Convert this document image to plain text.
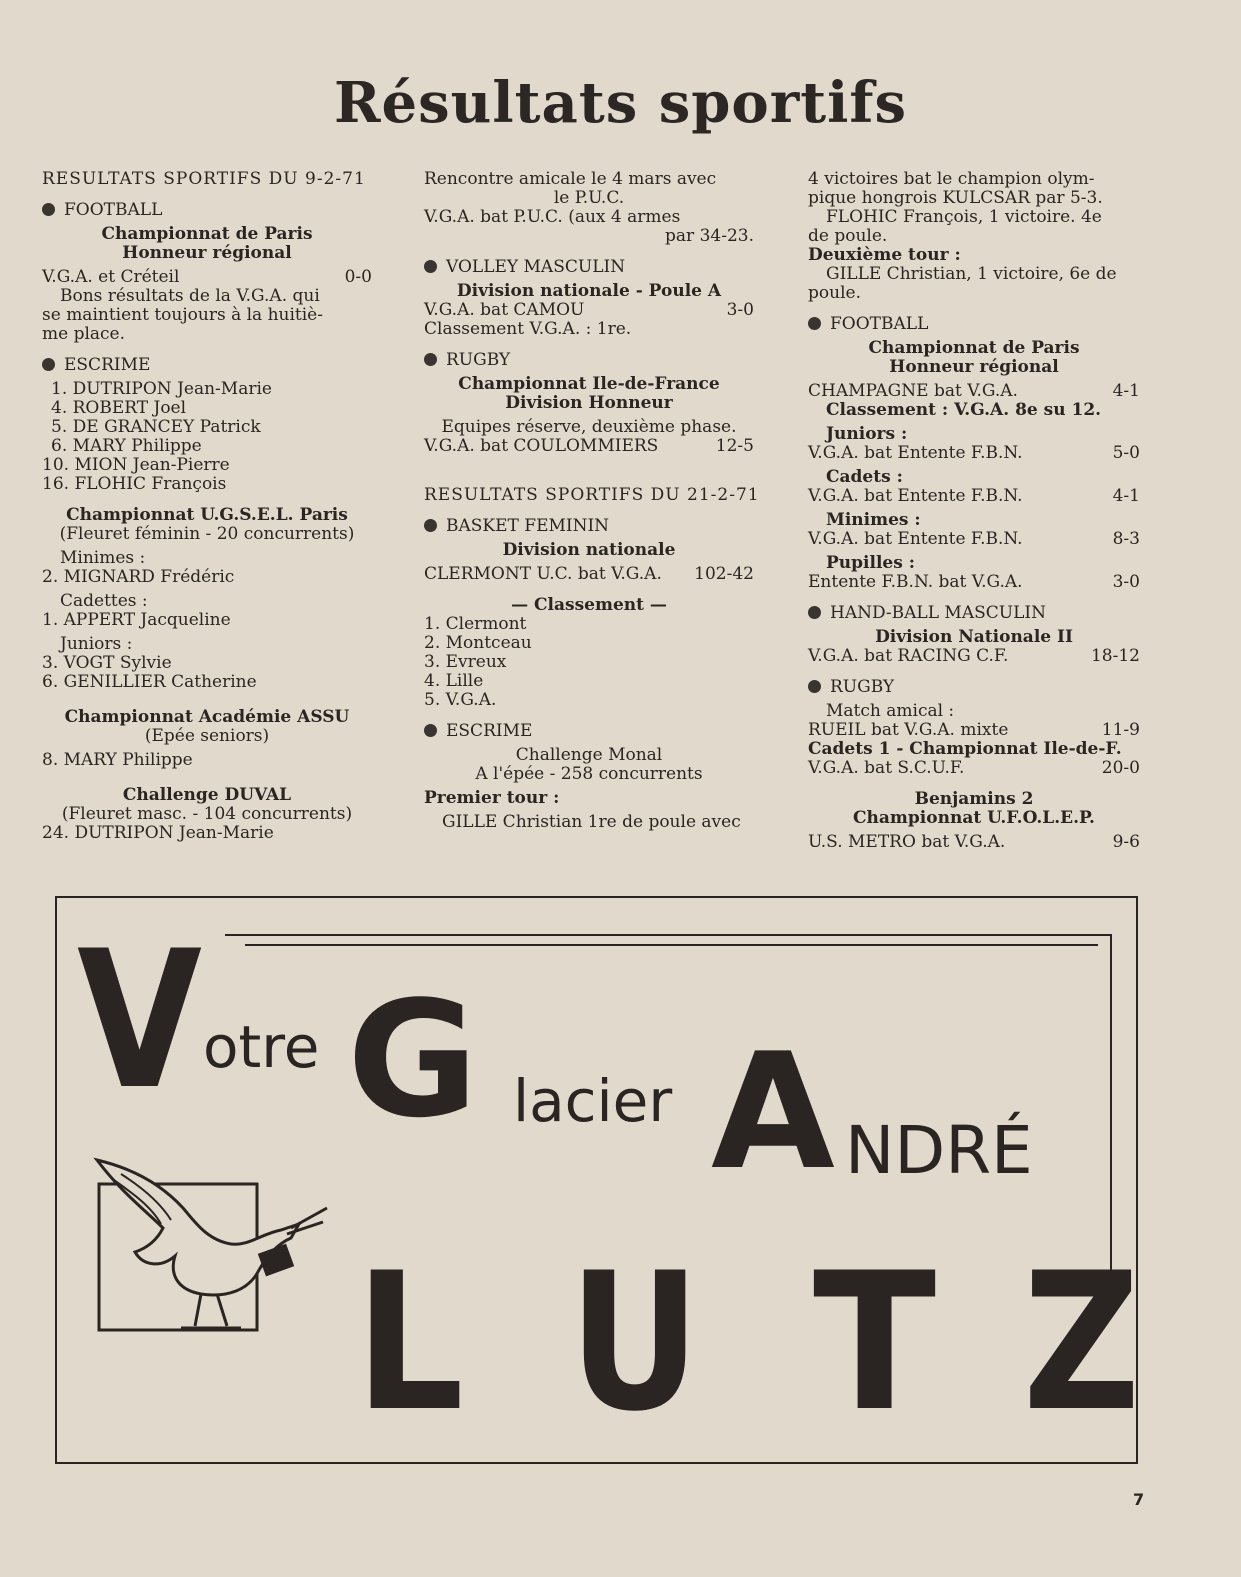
Résultats sportifs
RESULTATS SPORTIFS DU 9-2-71
FOOTBALL
Championnat de Paris
Honneur régional
V.G.A. et Créteil	0-0
Bons résultats de la V.G.A. qui
se maintient toujours à la huitiè-
me place.
ESCRIME
1. DUTRIPON Jean-Marie
4. ROBERT Joel
5. DE GRANCEY Patrick
6. MARY Philippe
10. MION Jean-Pierre
16. FLOHIC François
Championnat U.G.S.E.L. Paris
(Fleuret féminin - 20 concurrents)
Minimes :
2. MIGNARD Frédéric
Cadettes :
1. APPERT Jacqueline
Juniors :
3. VOGT Sylvie
6. GENILLIER Catherine
Championnat Académie ASSU
(Epée seniors)
8. MARY Philippe
Challenge DUVAL
(Fleuret masc. - 104 concurrents)
24. DUTRIPON Jean-Marie
Rencontre amicale le 4 mars avec
le P.U.C.
V.G.A. bat P.U.C. (aux 4 armes
par 34-23.
VOLLEY MASCULIN
Division nationale - Poule A
V.G.A. bat CAMOU	3-0
Classement V.G.A. : 1re.
RUGBY
Championnat Ile-de-France
Division Honneur
Equipes réserve, deuxième phase.
V.G.A. bat COULOMMIERS	12-5
RESULTATS SPORTIFS DU 21-2-71
BASKET FEMININ
Division nationale
CLERMONT U.C. bat V.G.A. 102-42
— Classement —
1. Clermont
2. Montceau
3. Evreux
4. Lille
5. V.G.A.
ESCRIME
Challenge Monal
A l'épée - 258 concurrents
Premier tour :
GILLE Christian 1re de poule avec
4 victoires bat le champion olym-
pique hongrois KULCSAR par 5-3.
FLOHIC François, 1 victoire. 4e
de poule.
Deuxième tour :
GILLE Christian, 1 victoire, 6e de
poule.
FOOTBALL
Championnat de Paris
Honneur régional
CHAMPAGNE bat V.G.A.	4-1
Classement : V.G.A. 8e su 12.
Juniors :
V.G.A. bat Entente F.B.N.	5-0
Cadets :
V.G.A. bat Entente F.B.N.	4-1
Minimes :
V.G.A. bat Entente F.B.N.	8-3
Pupilles :
Entente F.B.N. bat V.G.A.	3-0
HAND-BALL MASCULIN
Division Nationale II
V.G.A. bat RACING C.F.	18-12
RUGBY
Match amical :
RUEIL bat V.G.A. mixte	11-9
Cadets 1 - Championnat Ile-de-F.
V.G.A. bat S.C.U.F.	20-0
Benjamins 2
Championnat U.F.O.L.E.P.
U.S. METRO bat V.G.A.	9-6
V otre G lacier A NDRÉ
L U T Z
7
